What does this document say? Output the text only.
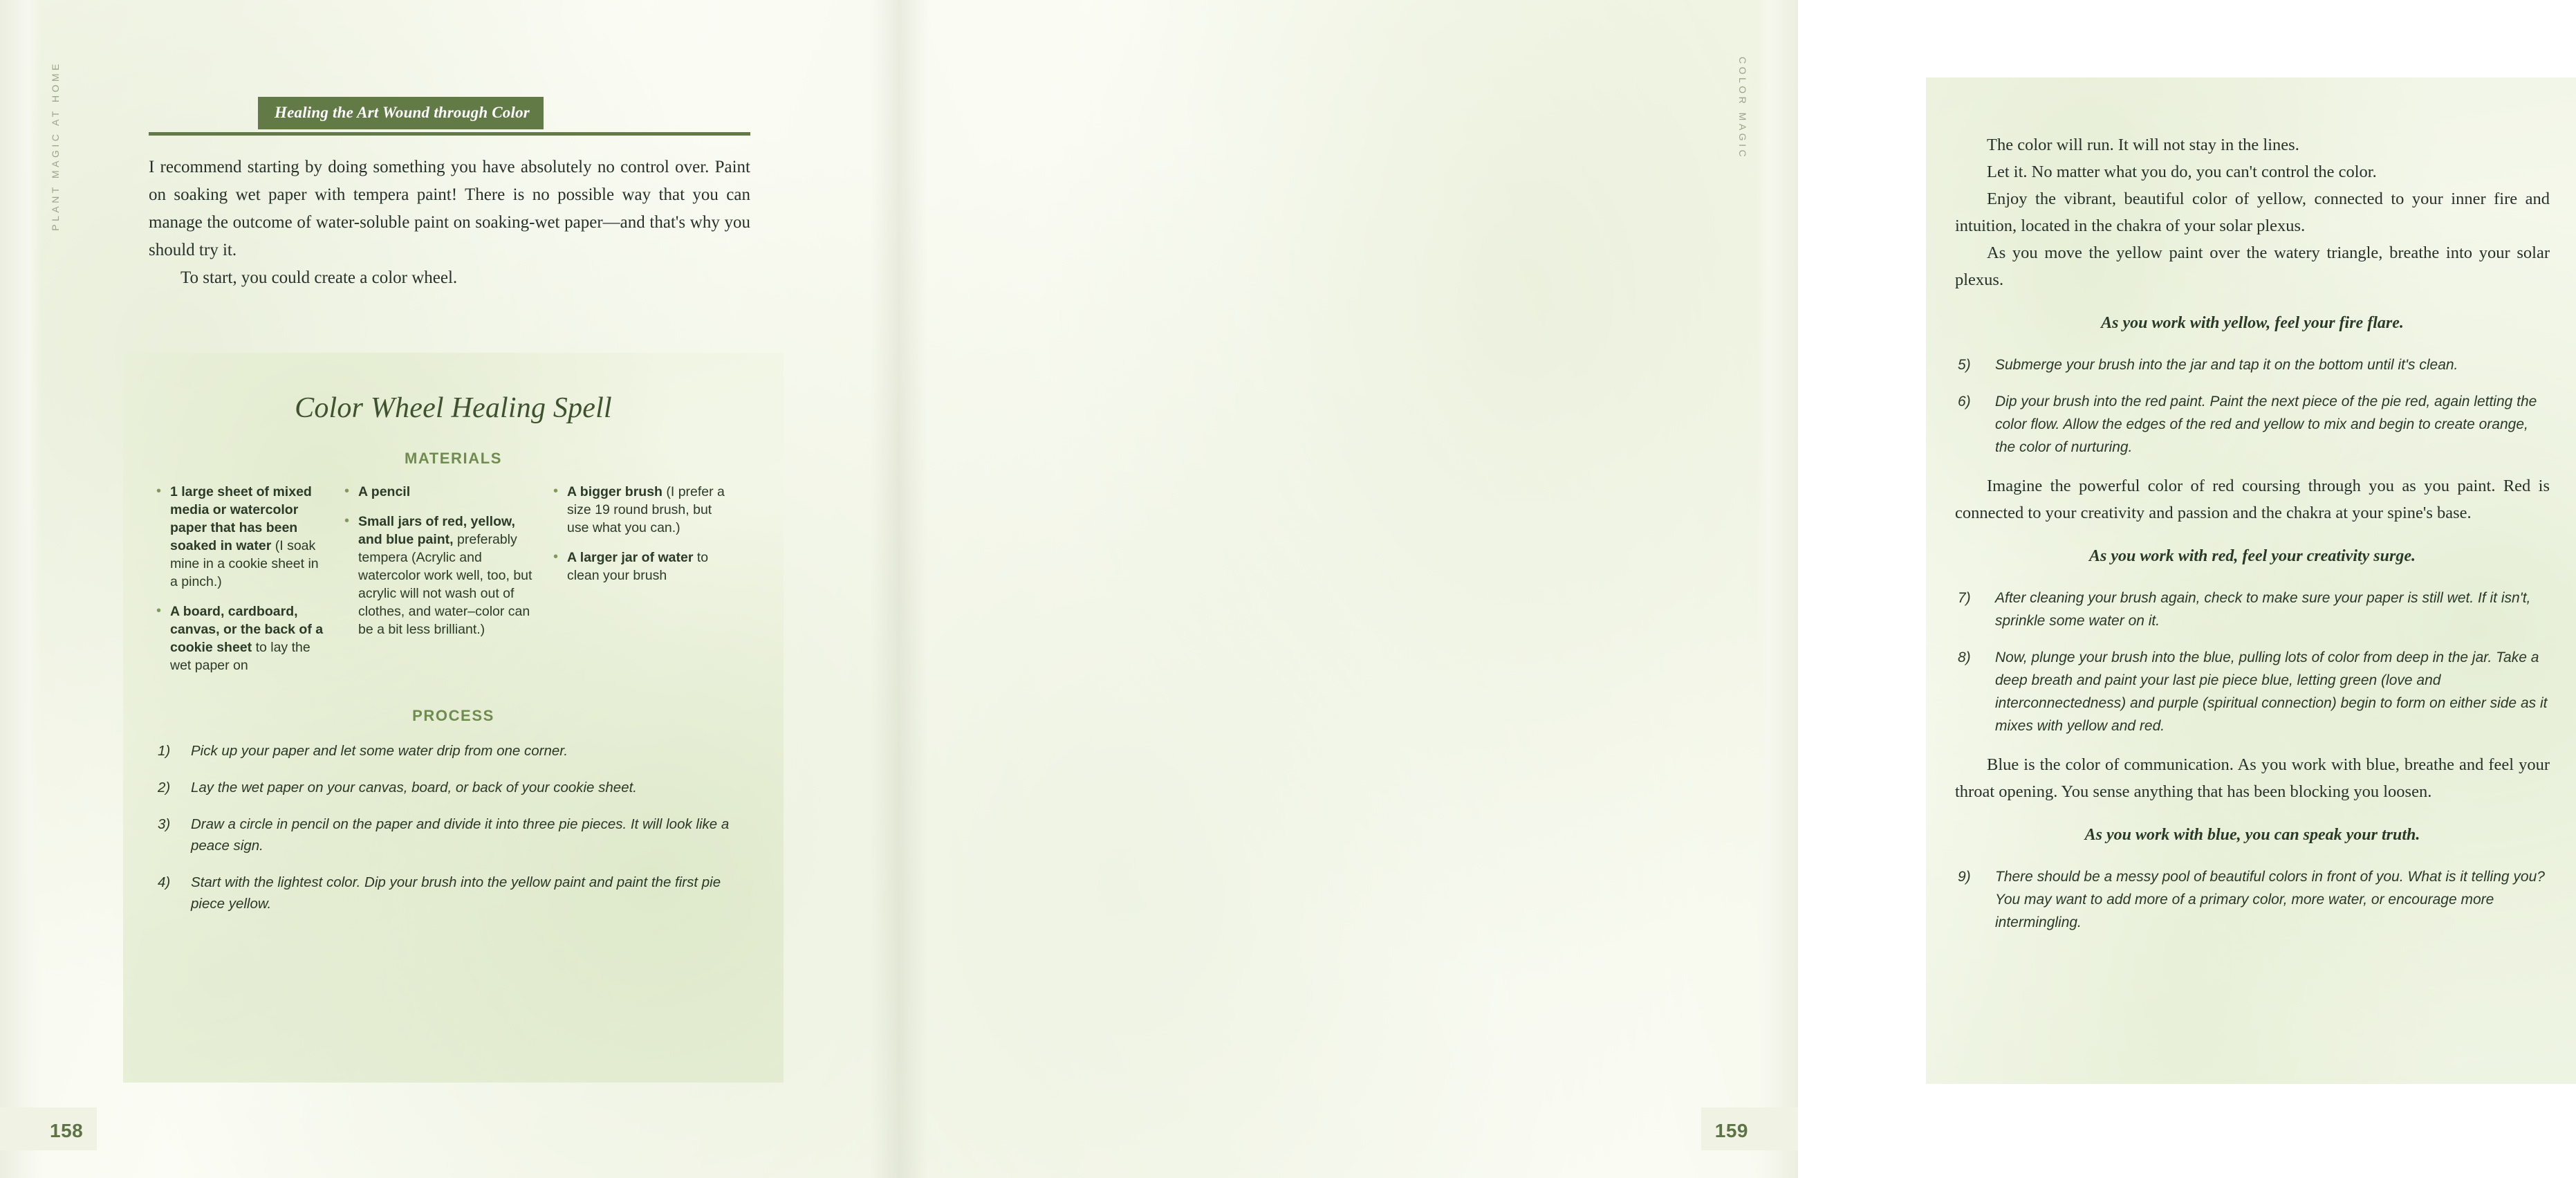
PLANT MAGIC AT HOME	Healing the Art Wound through Color

I recommend starting by doing something you have absolutely no control over. Paint on soaking wet paper with tempera paint! There is no possible way that you can manage the outcome of water-soluble paint on soaking-wet paper—and that's why you should try it.

To start, you could create a color wheel.

Color Wheel Healing Spell
MATERIALS
• 1 large sheet of mixed media or watercolor paper that has been soaked in water (I soak mine in a cookie sheet in a pinch.)
• A board, cardboard, canvas, or the back of a cookie sheet to lay the wet paper on
• A pencil
• Small jars of red, yellow, and blue paint, preferably tempera (Acrylic and watercolor work well, too, but acrylic will not wash out of clothes, and water–color can be a bit less brilliant.)
• A bigger brush (I prefer a size 19 round brush, but use what you can.)
• A larger jar of water to clean your brush
PROCESS
Pick up your paper and let some water drip from one corner.
Lay the wet paper on your canvas, board, or back of your cookie sheet.
Draw a circle in pencil on the paper and divide it into three pie pieces. It will look like a peace sign.
Start with the lightest color. Dip your brush into the yellow paint and paint the first pie piece yellow.
158
COLOR MAGIC	The color will run. It will not stay in the lines.

Let it. No matter what you do, you can't control the color.

Enjoy the vibrant, beautiful color of yellow, connected to your inner fire and intuition, located in the chakra of your solar plexus.

As you move the yellow paint over the watery triangle, breathe into your solar plexus.

As you work with yellow, feel your fire flare.
5) Submerge your brush into the jar and tap it on the bottom until it's clean.
6) Dip your brush into the red paint. Paint the next piece of the pie red, again letting the color flow. Allow the edges of the red and yellow to mix and begin to create orange, the color of nurturing.

Imagine the powerful color of red coursing through you as you paint. Red is connected to your creativity and passion and the chakra at your spine's base.

As you work with red, feel your creativity surge.
7) After cleaning your brush again, check to make sure your paper is still wet. If it isn't, sprinkle some water on it.
8) Now, plunge your brush into the blue, pulling lots of color from deep in the jar. Take a deep breath and paint your last pie piece blue, letting green (love and interconnectedness) and purple (spiritual connection) begin to form on either side as it mixes with yellow and red.

Blue is the color of communication. As you work with blue, breathe and feel your throat opening. You sense anything that has been blocking you loosen.

As you work with blue, you can speak your truth.
9) There should be a messy pool of beautiful colors in front of you. What is it telling you? You may want to add more of a primary color, more water, or encourage more intermingling.
159
